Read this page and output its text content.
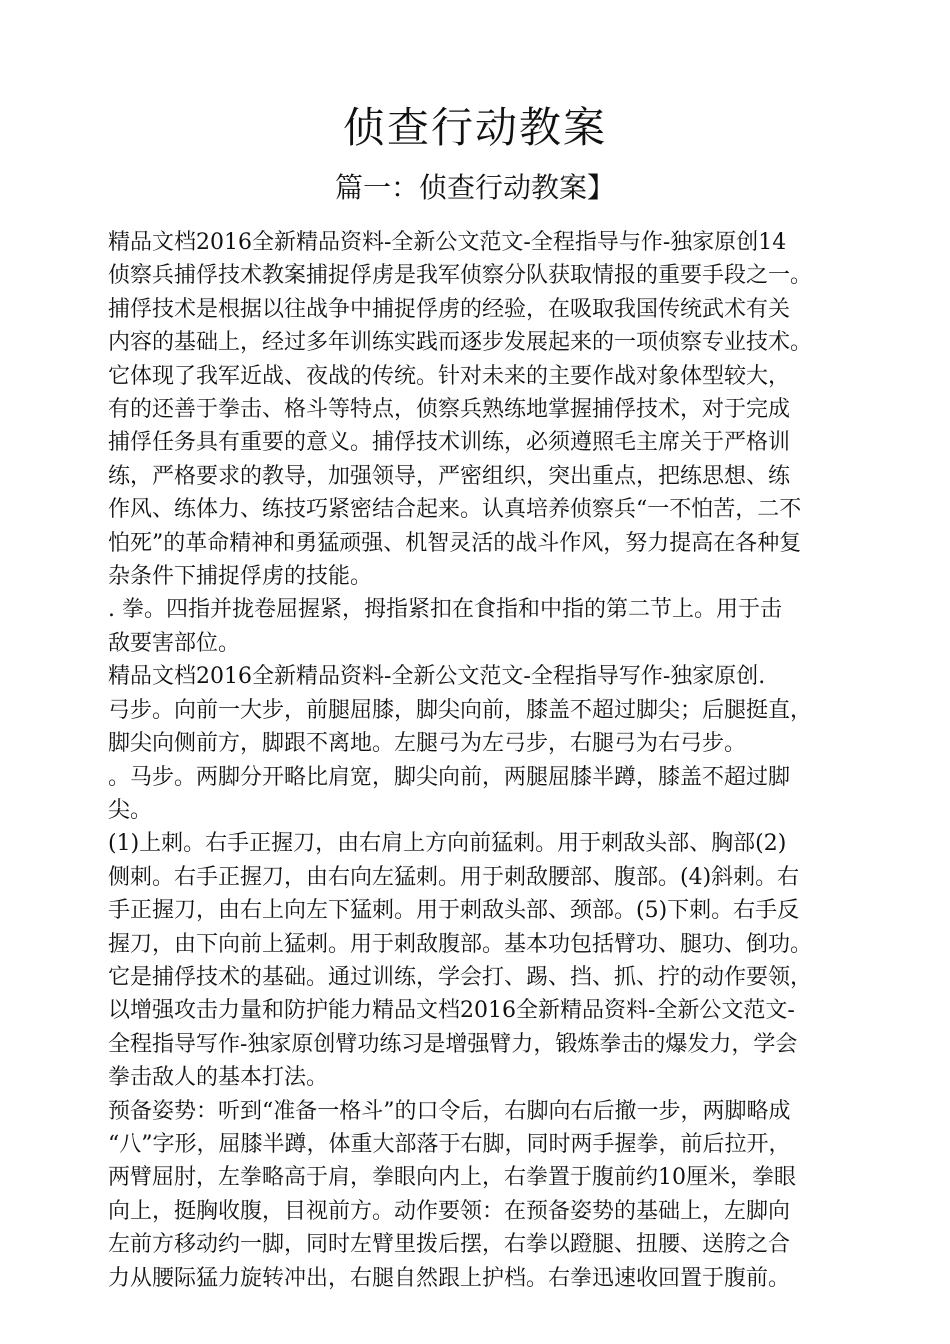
侦查行动教案
篇一：侦查行动教案】
精品文档2016全新精品资料-全新公文范文-全程指导与作-独家原创14
侦察兵捕俘技术教案捕捉俘虏是我军侦察分队获取情报的重要手段之一。
捕俘技术是根据以往战争中捕捉俘虏的经验，在吸取我国传统武术有关
内容的基础上，经过多年训练实践而逐步发展起来的一项侦察专业技术。
它体现了我军近战、夜战的传统。针对未来的主要作战对象体型较大，
有的还善于拳击、格斗等特点，侦察兵熟练地掌握捕俘技术，对于完成
捕俘任务具有重要的意义。捕俘技术训练，必须遵照毛主席关于严格训
练，严格要求的教导，加强领导，严密组织，突出重点，把练思想、练
作风、练体力、练技巧紧密结合起来。认真培养侦察兵“一不怕苦，二不
怕死”的革命精神和勇猛顽强、机智灵活的战斗作风，努力提高在各种复
杂条件下捕捉俘虏的技能。
. 拳。四指并拢卷屈握紧，拇指紧扣在食指和中指的第二节上。用于击
敌要害部位。
精品文档2016全新精品资料-全新公文范文-全程指导写作-独家原创.
弓步。向前一大步，前腿屈膝，脚尖向前，膝盖不超过脚尖；后腿挺直，
脚尖向侧前方，脚跟不离地。左腿弓为左弓步，右腿弓为右弓步。
。马步。两脚分开略比肩宽，脚尖向前，两腿屈膝半蹲，膝盖不超过脚
尖。
(1)上刺。右手正握刀，由右肩上方向前猛刺。用于刺敌头部、胸部(2)
侧刺。右手正握刀，由右向左猛刺。用于刺敌腰部、腹部。(4)斜刺。右
手正握刀，由右上向左下猛刺。用于刺敌头部、颈部。(5)下刺。右手反
握刀，由下向前上猛刺。用于刺敌腹部。基本功包括臂功、腿功、倒功。
它是捕俘技术的基础。通过训练，学会打、踢、挡、抓、拧的动作要领，
以增强攻击力量和防护能力精品文档2016全新精品资料-全新公文范文-
全程指导写作-独家原创臂功练习是增强臂力，锻炼拳击的爆发力，学会
拳击敌人的基本打法。
预备姿势：听到“准备一格斗”的口令后，右脚向右后撤一步，两脚略成
“八”字形，屈膝半蹲，体重大部落于右脚，同时两手握拳，前后拉开，
两臂屈肘，左拳略高于肩，拳眼向内上，右拳置于腹前约10厘米，拳眼
向上，挺胸收腹，目视前方。动作要领：在预备姿势的基础上，左脚向
左前方移动约一脚，同时左臂里拨后摆，右拳以蹬腿、扭腰、送胯之合
力从腰际猛力旋转冲出，右腿自然跟上护档。右拳迅速收回置于腹前。
